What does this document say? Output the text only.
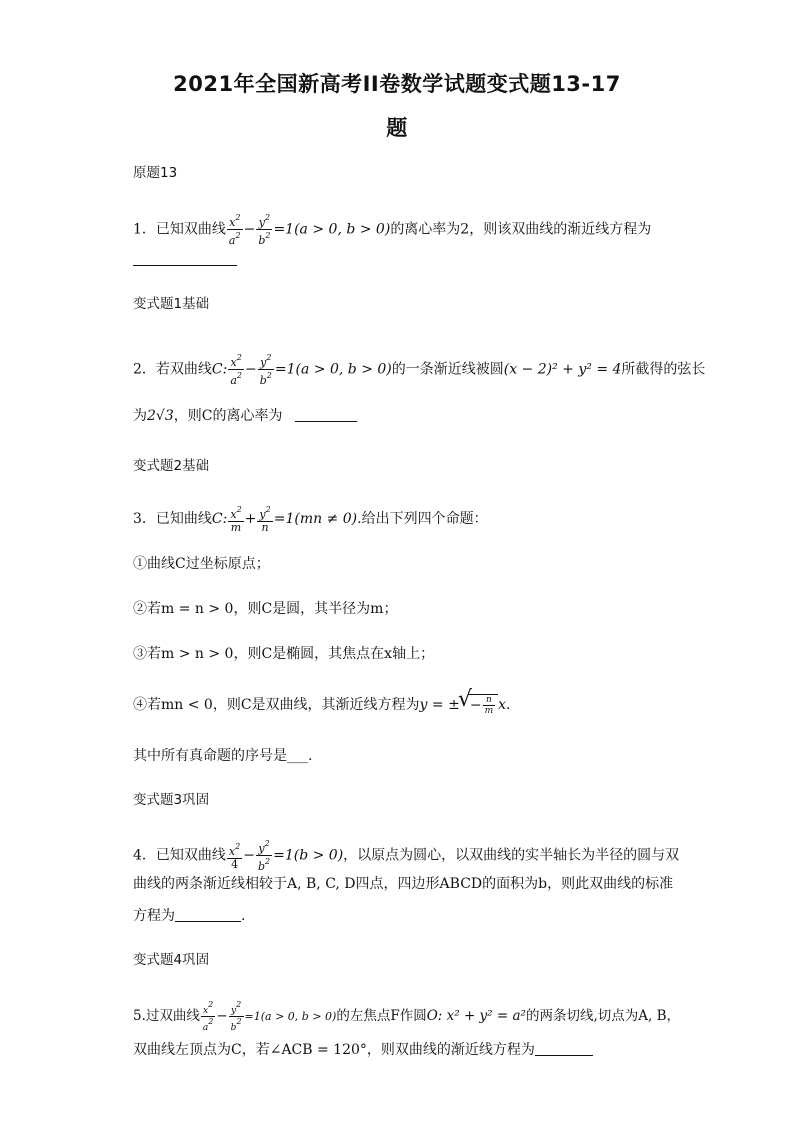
2021年全国新高考II卷数学试题变式题13-17
题
原题13
1．已知双曲线 $\frac{x^2}{a^2} - \frac{y^2}{b^2} =1(a > 0$, b > 0)的离心率为2，则该双曲线的渐近线方程为
变式题1基础
2．若双曲线C: $\frac{x^2}{a^2} - \frac{y^2}{b^2} =1(a > 0$, b > 0)的一条渐近线被圆(x − 2)² + y² = 4所截得的弦长
为2√3，则C的离心率为
变式题2基础
3．已知曲线C: $\frac{x^2}{m} + \frac{y^2}{n} =1(mn \ne 0)$.给出下列四个命题：
①曲线C过坐标原点；
②若m = n > 0，则C是圆，其半径为m；
③若m > n > 0，则C是椭圆，其焦点在x轴上；
④若mn < 0，则C是双曲线，其渐近线方程为y = ±√ − $\frac{n}{m} x$.
其中所有真命题的序号是___.
变式题3巩固
4．已知双曲线 $\frac{x^2}{4} - \frac{y^2}{b^2} =1(b > 0)$，以原点为圆心，以双曲线的实半轴长为半径的圆与双
曲线的两条渐近线相较于A, B, C, D四点，四边形ABCD的面积为b，则此双曲线的标准
方程为	.
变式题4巩固
5.过双曲线 $\frac{x^2}{a^2} - \frac{y^2}{b^2} =1(a > 0$, b > 0)的左焦点F作圆O: x² + y² = a²的两条切线,切点为A, B，
双曲线左顶点为C，若∠ACB = 120°，则双曲线的渐近线方程为
